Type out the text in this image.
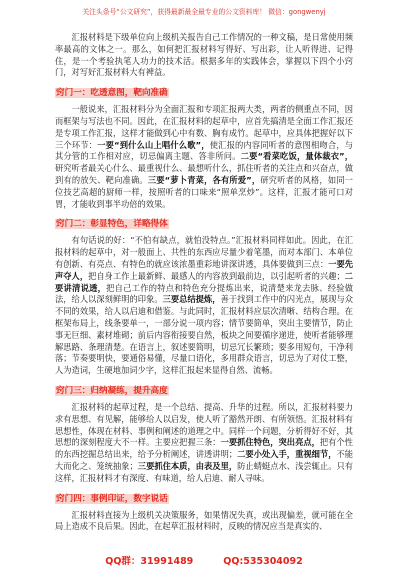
关注头条号“公文研究”，获得最新最全最专业的公文资料库！ 微信：gongwenyj

汇报材料是下级单位向上级机关报告自己工作情况的一种文稿，是日常使用频率最高的文体之一。那么，如何把汇报材料写得好、写出彩，让人听得进、记得住，是一个考验执笔人功力的技术活。根据多年的实践体会，掌握以下四个小窍门，对写好汇报材料大有裨益。

窍门一：吃透意图，靶向准确

一般说来，汇报材料分为全面汇报和专项汇报两大类，两者的侧重点不同，因而框架与写法也不同。因此，在汇报材料的起草中，应首先搞清是全面工作汇报还是专项工作汇报，这样才能做到心中有数、胸有成竹。起草中，应具体把握好以下三个环节：一要“到什么山上唱什么歌”，使汇报的内容同听者的意图相吻合，与其分管的工作相对应，切忌偏离主题、答非所问。二要“看菜吃饭，量体裁衣”，研究听者最关心什么、最重视什么、最想听什么，抓住听者的关注点和兴奋点，做到有的放矢、靶向准确。三要“萝卜青菜，各有所爱”，研究听者的风格，如同一位技艺高超的厨师一样，按照听者的口味来“照单烹炒”。这样，汇报才能可口对胃，才能收到事半功倍的效果。

窍门二：彰显特色，详略得体

有句话说的好：“不怕有缺点，就怕没特点。”汇报材料同样如此。因此，在汇报材料的起草中，对一般面上、共性的东西应尽量少着笔墨，而对本部门、本单位有创新、有亮点、有特色的就应该浓墨重彩地讲深讲透，具体要做到三点：一要先声夺人，把自身工作上最新鲜、最感人的内容放到最前边，以引起听者的兴趣；二要讲清说透，把自己工作的特点和特色充分提炼出来，说清楚来龙去脉、经验做法，给人以深刻鲜明的印象。三要总结提炼，善于找到工作中的闪光点，展现与众不同的效果，给人以启迪和借鉴。与此同时，汇报材料应层次清晰、结构合理。在框架布局上，线条要单一，一部分说一项内容；情节要简单，突出主要情节，防止事无巨细、素材堆砌；前后内容衔接要自然，板块之间要循序递进，使听者能够理解思路、条理清楚。在语言上，叙述要简明，切忌冗长繁琐；要多用短句，干净利落；节奏要明快，要通俗易懂，尽量口语化，多用群众语言，切忌为了对仗工整，人为造词，生硬地加词少字，这样汇报起来显得自然、流畅。

窍门三：归纳凝练，提升高度

汇报材料的起草过程，是一个总结、提高、升华的过程。所以，汇报材料要力求有思想、有见解，能够给人以启发，使人听了豁然开朗、有所领悟。汇报材料有思想性，体现在材料、事例和阐述的道理之中。同样一个问题，分析得好不好，其思想的深刻程度大不一样。主要应把握三条：一要抓住特色，突出亮点，把有个性的东西挖掘总结出来，给予分析阐述，讲透讲明；二要小处入手，重视细节，不能大而化之、笼统抽象；三要抓住本质，由表及里，防止蜻蜓点水、浅尝辄止。只有这样，汇报材料才有深度、有味道，给人启迪、耐人寻味。

窍门四：事例印证，数字说话

汇报材料直接为上级机关决策服务，如果情况失真，或出现偏差，就可能在全局上造成不良后果。因此，在起草汇报材料时，反映的情况应当是真实的、

QQ群：31991489	QQ:535304092
